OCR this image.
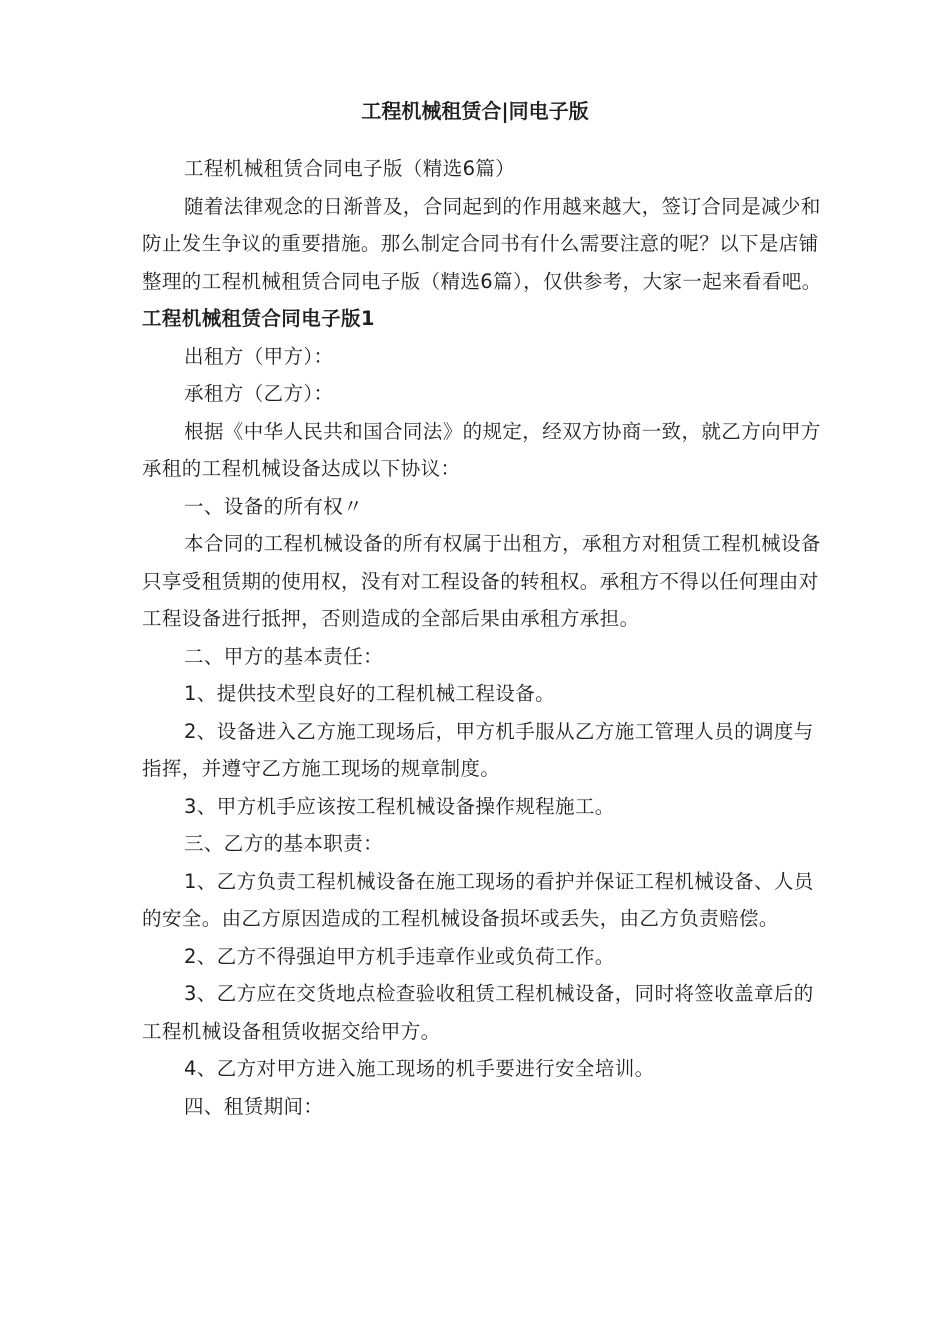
工程机械租赁合|同电子版

工程机械租赁合同电子版（精选6篇）

随着法律观念的日渐普及，合同起到的作用越来越大，签订合同是减少和防止发生争议的重要措施。那么制定合同书有什么需要注意的呢？以下是店铺整理的工程机械租赁合同电子版（精选6篇），仅供参考，大家一起来看看吧。

工程机械租赁合同电子版1

出租方（甲方）：

承租方（乙方）：

根据《中华人民共和国合同法》的规定，经双方协商一致，就乙方向甲方承租的工程机械设备达成以下协议：

一、设备的所有权〃

本合同的工程机械设备的所有权属于出租方，承租方对租赁工程机械设备只享受租赁期的使用权，没有对工程设备的转租权。承租方不得以任何理由对工程设备进行抵押，否则造成的全部后果由承租方承担。

二、甲方的基本责任：

1、提供技术型良好的工程机械工程设备。

2、设备进入乙方施工现场后，甲方机手服从乙方施工管理人员的调度与指挥，并遵守乙方施工现场的规章制度。

3、甲方机手应该按工程机械设备操作规程施工。

三、乙方的基本职责：

1、乙方负责工程机械设备在施工现场的看护并保证工程机械设备、人员的安全。由乙方原因造成的工程机械设备损坏或丢失，由乙方负责赔偿。

2、乙方不得强迫甲方机手违章作业或负荷工作。

3、乙方应在交货地点检查验收租赁工程机械设备，同时将签收盖章后的工程机械设备租赁收据交给甲方。

4、乙方对甲方进入施工现场的机手要进行安全培训。

四、租赁期间：
